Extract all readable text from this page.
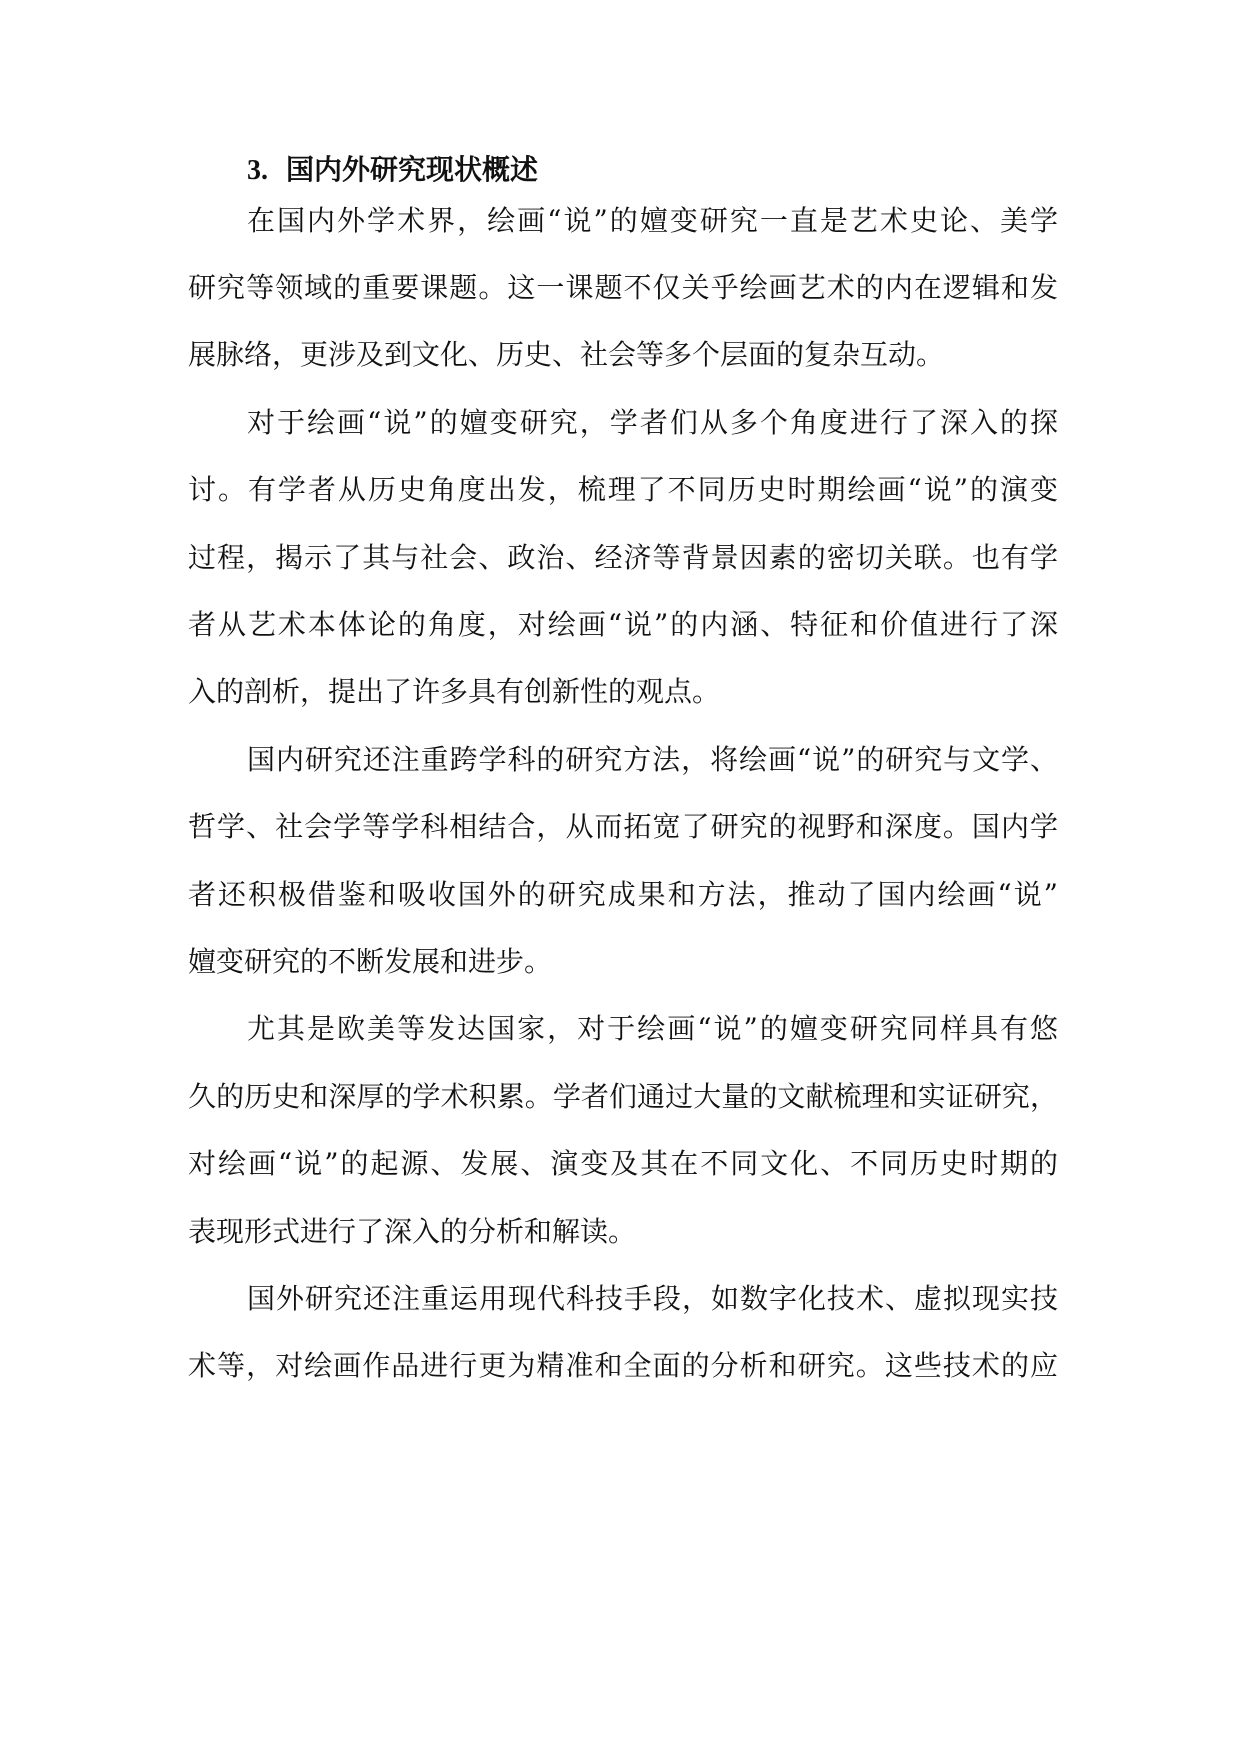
3. 国内外研究现状概述
在国内外学术界，绘画“说”的嬗变研究一直是艺术史论、美学
研究等领域的重要课题。这一课题不仅关乎绘画艺术的内在逻辑和发
展脉络，更涉及到文化、历史、社会等多个层面的复杂互动。
对于绘画“说”的嬗变研究，学者们从多个角度进行了深入的探
讨。有学者从历史角度出发，梳理了不同历史时期绘画“说”的演变
过程，揭示了其与社会、政治、经济等背景因素的密切关联。也有学
者从艺术本体论的角度，对绘画“说”的内涵、特征和价值进行了深
入的剖析，提出了许多具有创新性的观点。
国内研究还注重跨学科的研究方法，将绘画“说”的研究与文学、
哲学、社会学等学科相结合，从而拓宽了研究的视野和深度。国内学
者还积极借鉴和吸收国外的研究成果和方法，推动了国内绘画“说”
嬗变研究的不断发展和进步。
尤其是欧美等发达国家，对于绘画“说”的嬗变研究同样具有悠
久的历史和深厚的学术积累。学者们通过大量的文献梳理和实证研究，
对绘画“说”的起源、发展、演变及其在不同文化、不同历史时期的
表现形式进行了深入的分析和解读。
国外研究还注重运用现代科技手段，如数字化技术、虚拟现实技
术等，对绘画作品进行更为精准和全面的分析和研究。这些技术的应
